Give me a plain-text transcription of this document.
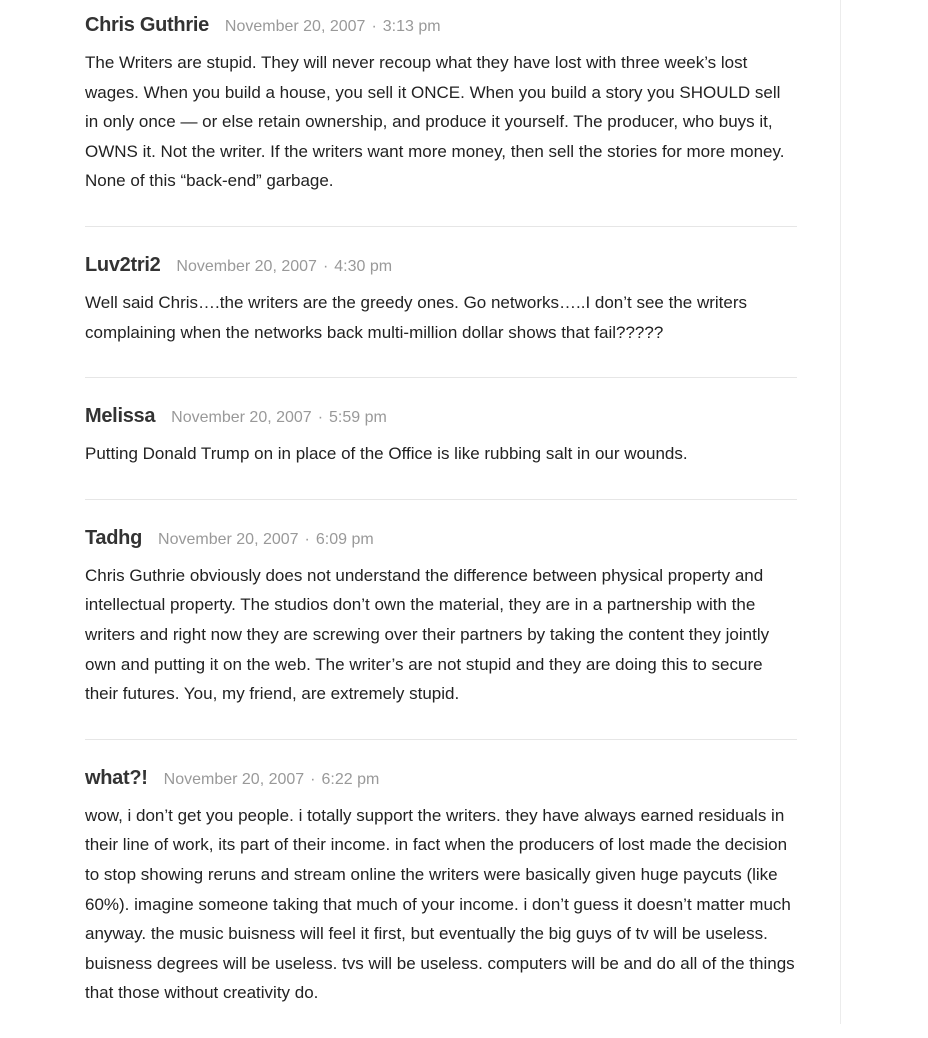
Chris Guthrie November 20, 2007 · 3:13 pm

The Writers are stupid. They will never recoup what they have lost with three week’s lost wages. When you build a house, you sell it ONCE. When you build a story you SHOULD sell in only once — or else retain ownership, and produce it yourself. The producer, who buys it, OWNS it. Not the writer. If the writers want more money, then sell the stories for more money. None of this “back-end” garbage.

Luv2tri2 November 20, 2007 · 4:30 pm

Well said Chris….the writers are the greedy ones. Go networks…..I don’t see the writers complaining when the networks back multi-million dollar shows that fail?????

Melissa November 20, 2007 · 5:59 pm

Putting Donald Trump on in place of the Office is like rubbing salt in our wounds.

Tadhg November 20, 2007 · 6:09 pm

Chris Guthrie obviously does not understand the difference between physical property and intellectual property. The studios don’t own the material, they are in a partnership with the writers and right now they are screwing over their partners by taking the content they jointly own and putting it on the web. The writer’s are not stupid and they are doing this to secure their futures. You, my friend, are extremely stupid.

what?! November 20, 2007 · 6:22 pm

wow, i don’t get you people. i totally support the writers. they have always earned residuals in their line of work, its part of their income. in fact when the producers of lost made the decision to stop showing reruns and stream online the writers were basically given huge paycuts (like 60%). imagine someone taking that much of your income. i don’t guess it doesn’t matter much anyway. the music buisness will feel it first, but eventually the big guys of tv will be useless. buisness degrees will be useless. tvs will be useless. computers will be and do all of the things that those without creativity do.
